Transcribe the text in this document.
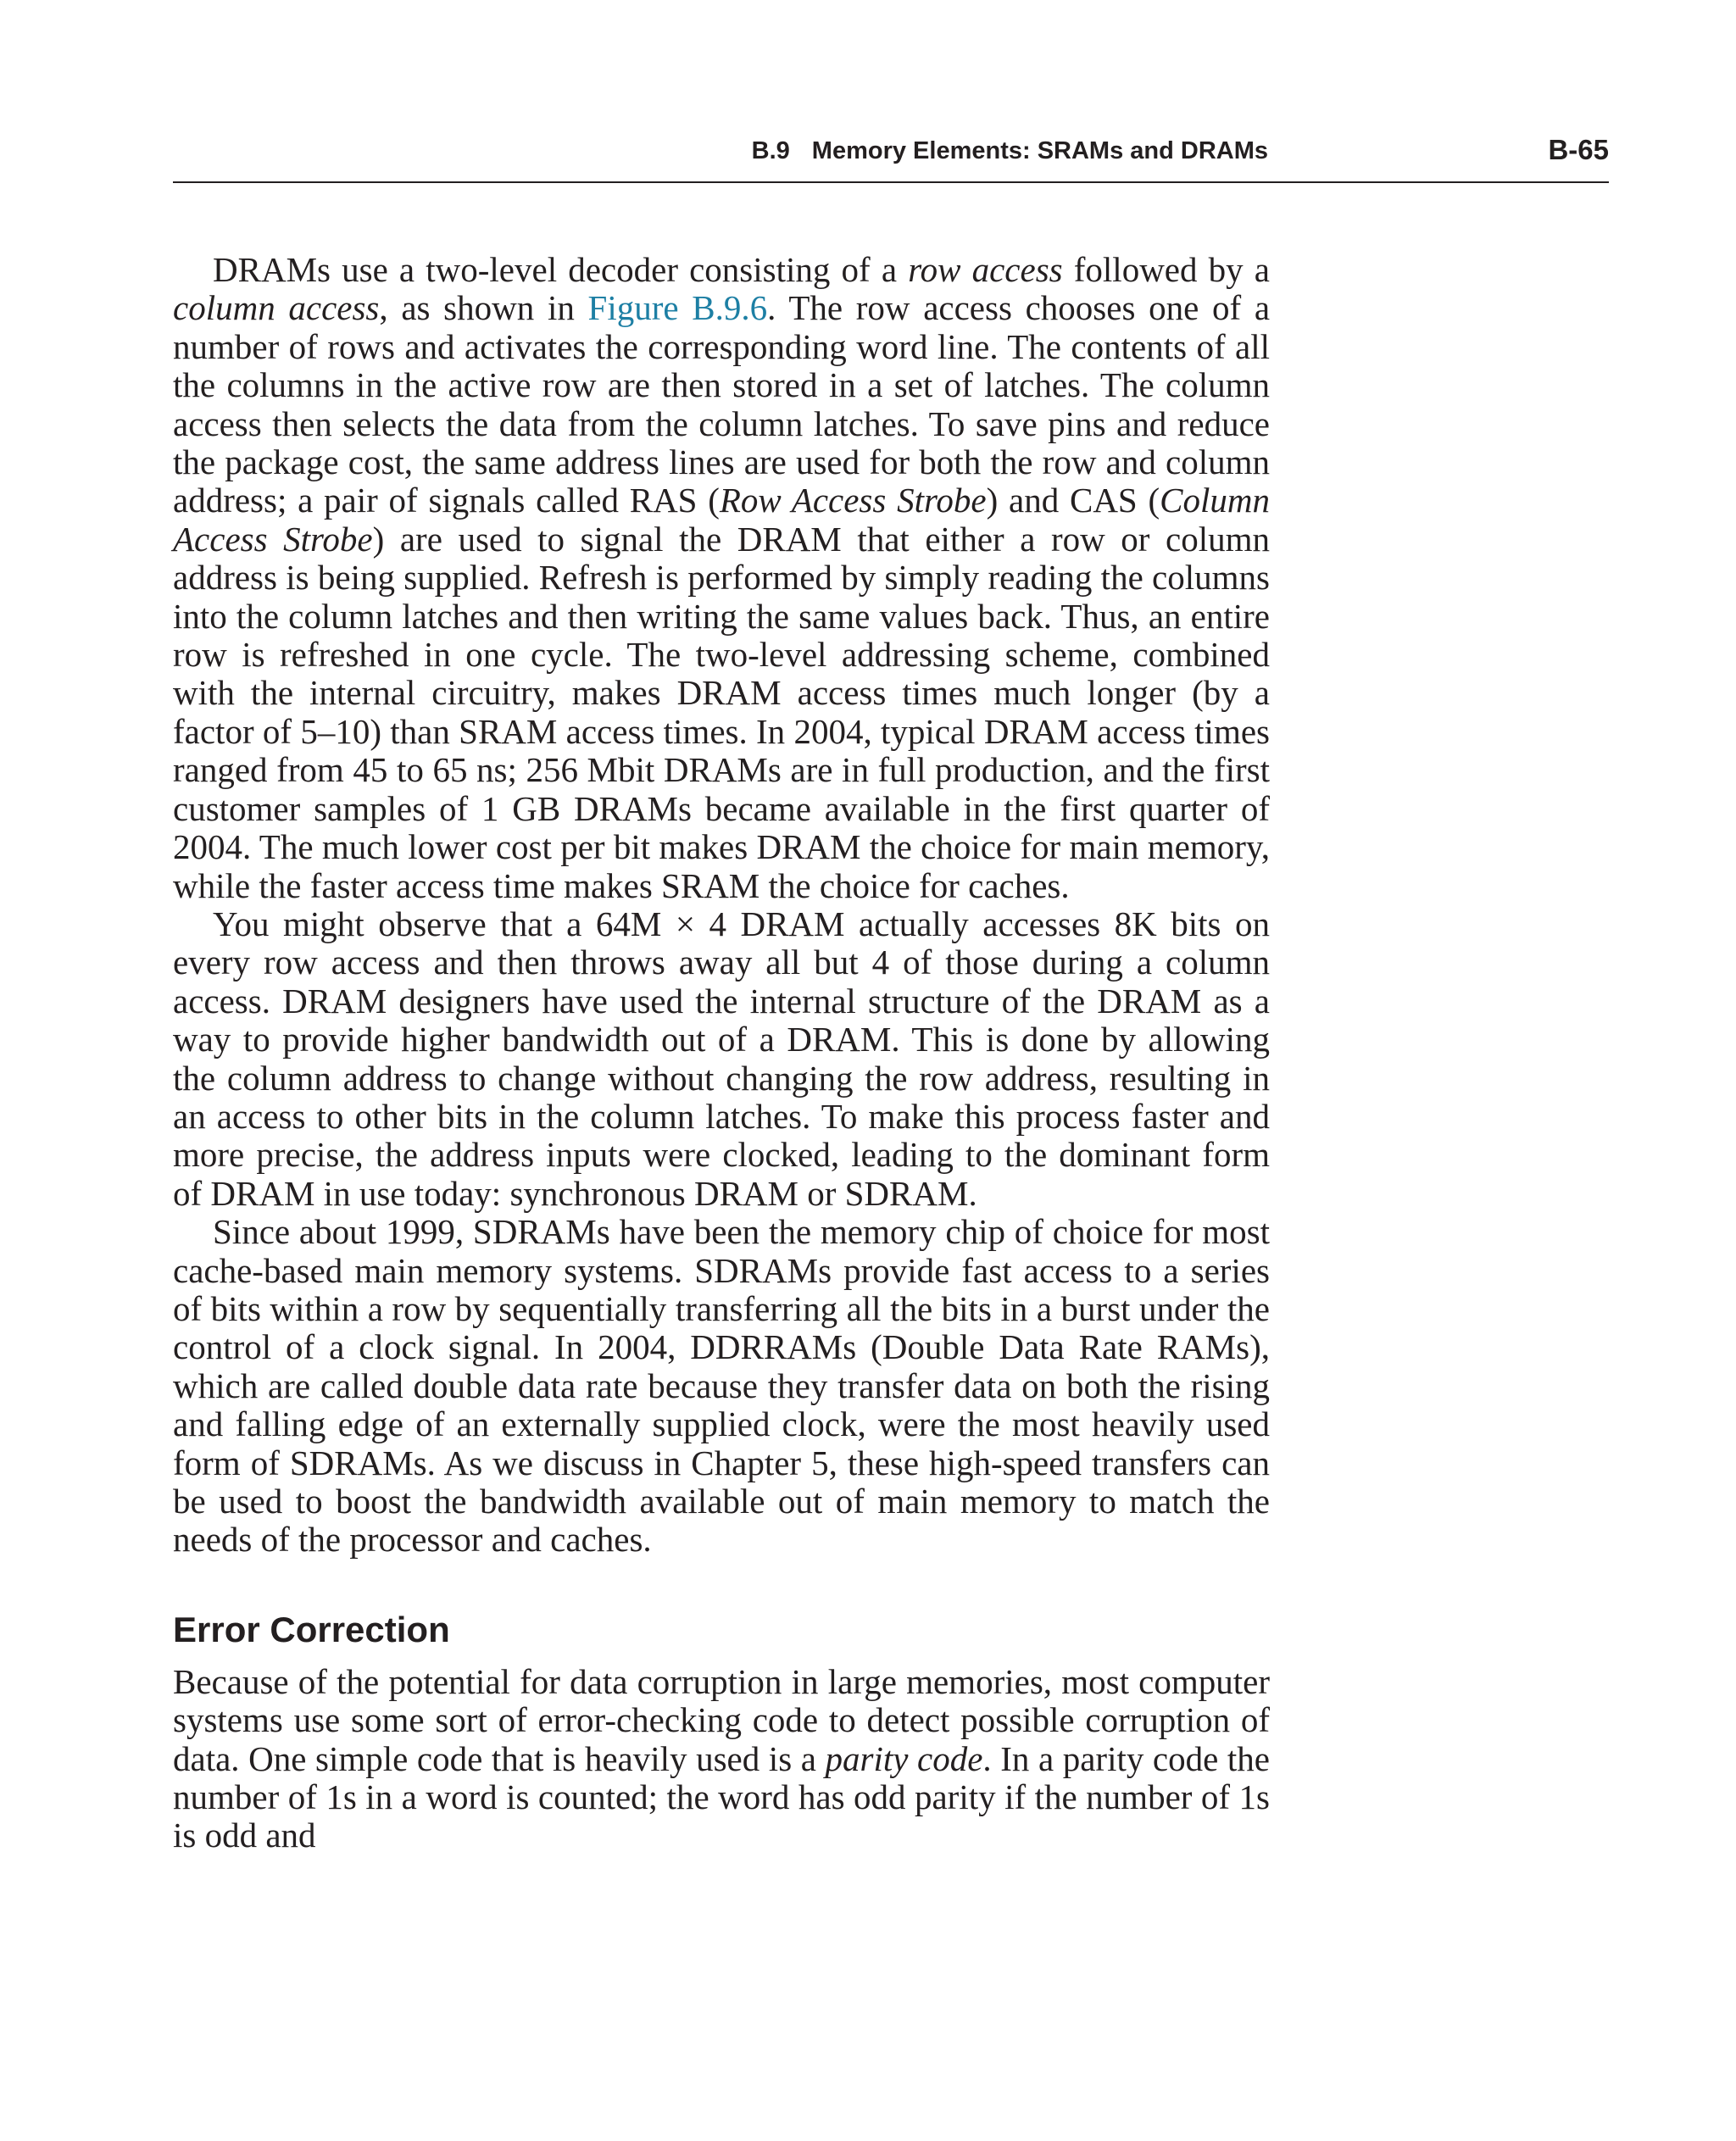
B.9 Memory Elements: SRAMs and DRAMs	B-65

DRAMs use a two-level decoder consisting of a row access followed by a column access, as shown in Figure B.9.6. The row access chooses one of a number of rows and activates the corresponding word line. The contents of all the columns in the active row are then stored in a set of latches. The column access then selects the data from the column latches. To save pins and reduce the package cost, the same address lines are used for both the row and column address; a pair of signals called RAS (Row Access Strobe) and CAS (Column Access Strobe) are used to signal the DRAM that either a row or column address is being supplied. Refresh is performed by simply reading the columns into the column latches and then writing the same values back. Thus, an entire row is refreshed in one cycle. The two-level addressing scheme, combined with the internal circuitry, makes DRAM access times much longer (by a factor of 5–10) than SRAM access times. In 2004, typical DRAM access times ranged from 45 to 65 ns; 256 Mbit DRAMs are in full production, and the first customer samples of 1 GB DRAMs became available in the first quarter of 2004. The much lower cost per bit makes DRAM the choice for main memory, while the faster access time makes SRAM the choice for caches.

You might observe that a 64M × 4 DRAM actually accesses 8K bits on every row access and then throws away all but 4 of those during a column access. DRAM designers have used the internal structure of the DRAM as a way to provide higher bandwidth out of a DRAM. This is done by allowing the column address to change without changing the row address, resulting in an access to other bits in the column latches. To make this process faster and more precise, the address inputs were clocked, leading to the dominant form of DRAM in use today: synchronous DRAM or SDRAM.

Since about 1999, SDRAMs have been the memory chip of choice for most cache-based main memory systems. SDRAMs provide fast access to a series of bits within a row by sequentially transferring all the bits in a burst under the control of a clock signal. In 2004, DDRRAMs (Double Data Rate RAMs), which are called double data rate because they transfer data on both the rising and falling edge of an externally supplied clock, were the most heavily used form of SDRAMs. As we discuss in Chapter 5, these high-speed transfers can be used to boost the bandwidth available out of main memory to match the needs of the processor and caches.

Error Correction

Because of the potential for data corruption in large memories, most computer systems use some sort of error-checking code to detect possible corruption of data. One simple code that is heavily used is a parity code. In a parity code the number of 1s in a word is counted; the word has odd parity if the number of 1s is odd and
